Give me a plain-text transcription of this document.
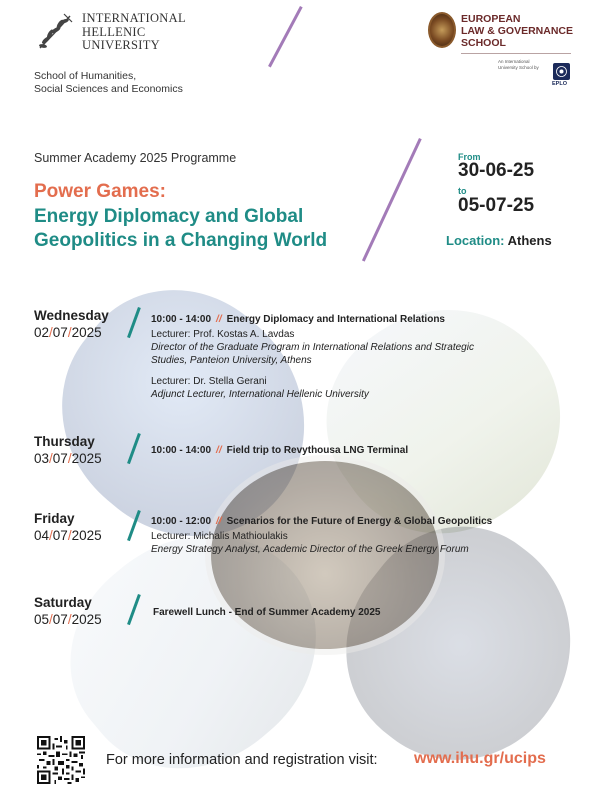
INTERNATIONAL
HELLENIC
UNIVERSITY
School of Humanities,
Social Sciences and Economics
EUROPEAN
LAW & GOVERNANCE
SCHOOL
An International University School by
EPLO
Summer Academy 2025 Programme
Power Games:
Energy Diplomacy and Global Geopolitics in a Changing World
From
30-06-25
to
05-07-25
Location: Athens
Wednesday
02/07/2025
10:00 - 14:00 // Energy Diplomacy and International Relations
Lecturer: Prof. Kostas A. Lavdas
Director of the Graduate Program in International Relations and Strategic Studies, Panteion University, Athens
Lecturer: Dr. Stella Gerani
Adjunct Lecturer, International Hellenic University
Thursday
03/07/2025
10:00 - 14:00 // Field trip to Revythousa LNG Terminal
Friday
04/07/2025
10:00 - 12:00 // Scenarios for the Future of Energy & Global Geopolitics
Lecturer: Michalis Mathioulakis
Energy Strategy Analyst, Academic Director of the Greek Energy Forum
Saturday
05/07/2025	Farewell Lunch - End of Summer Academy 2025
For more information and registration visit: www.ihu.gr/ucips
